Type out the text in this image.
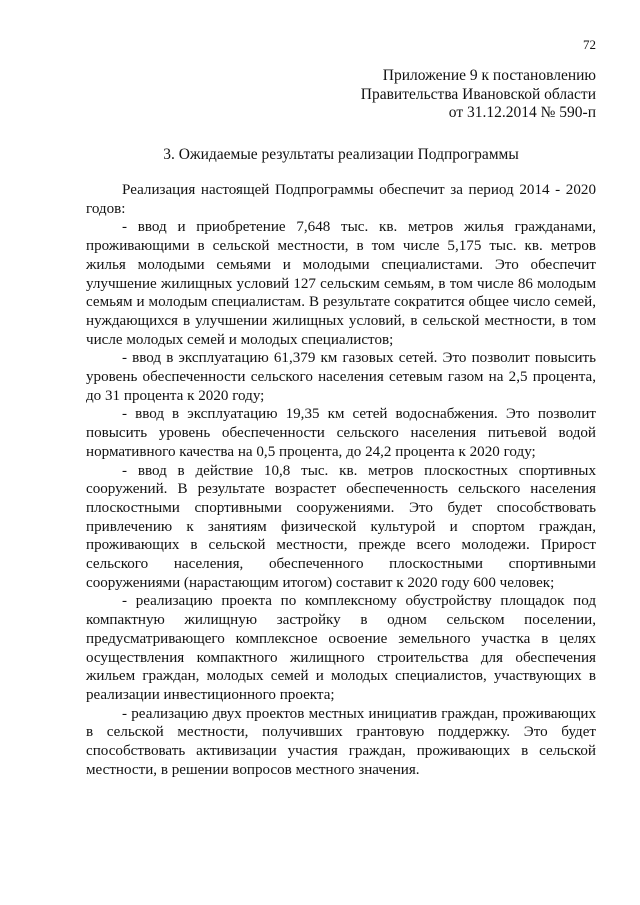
72
Приложение 9 к постановлению
Правительства Ивановской области
от 31.12.2014 № 590-п
3. Ожидаемые результаты реализации Подпрограммы

Реализация настоящей Подпрограммы обеспечит за период 2014 - 2020 годов:

- ввод и приобретение 7,648 тыс. кв. метров жилья гражданами, проживающими в сельской местности, в том числе 5,175 тыс. кв. метров жилья молодыми семьями и молодыми специалистами. Это обеспечит улучшение жилищных условий 127 сельским семьям, в том числе 86 молодым семьям и молодым специалистам. В результате сократится общее число семей, нуждающихся в улучшении жилищных условий, в сельской местности, в том числе молодых семей и молодых специалистов;

- ввод в эксплуатацию 61,379 км газовых сетей. Это позволит повысить уровень обеспеченности сельского населения сетевым газом на 2,5 процента, до 31 процента к 2020 году;

- ввод в эксплуатацию 19,35 км сетей водоснабжения. Это позволит повысить уровень обеспеченности сельского населения питьевой водой нормативного качества на 0,5 процента, до 24,2 процента к 2020 году;

- ввод в действие 10,8 тыс. кв. метров плоскостных спортивных сооружений. В результате возрастет обеспеченность сельского населения плоскостными спортивными сооружениями. Это будет способствовать привлечению к занятиям физической культурой и спортом граждан, проживающих в сельской местности, прежде всего молодежи. Прирост сельского населения, обеспеченного плоскостными спортивными сооружениями (нарастающим итогом) составит к 2020 году 600 человек;

- реализацию проекта по комплексному обустройству площадок под компактную жилищную застройку в одном сельском поселении, предусматривающего комплексное освоение земельного участка в целях осуществления компактного жилищного строительства для обеспечения жильем граждан, молодых семей и молодых специалистов, участвующих в реализации инвестиционного проекта;

- реализацию двух проектов местных инициатив граждан, проживающих в сельской местности, получивших грантовую поддержку. Это будет способствовать активизации участия граждан, проживающих в сельской местности, в решении вопросов местного значения.
